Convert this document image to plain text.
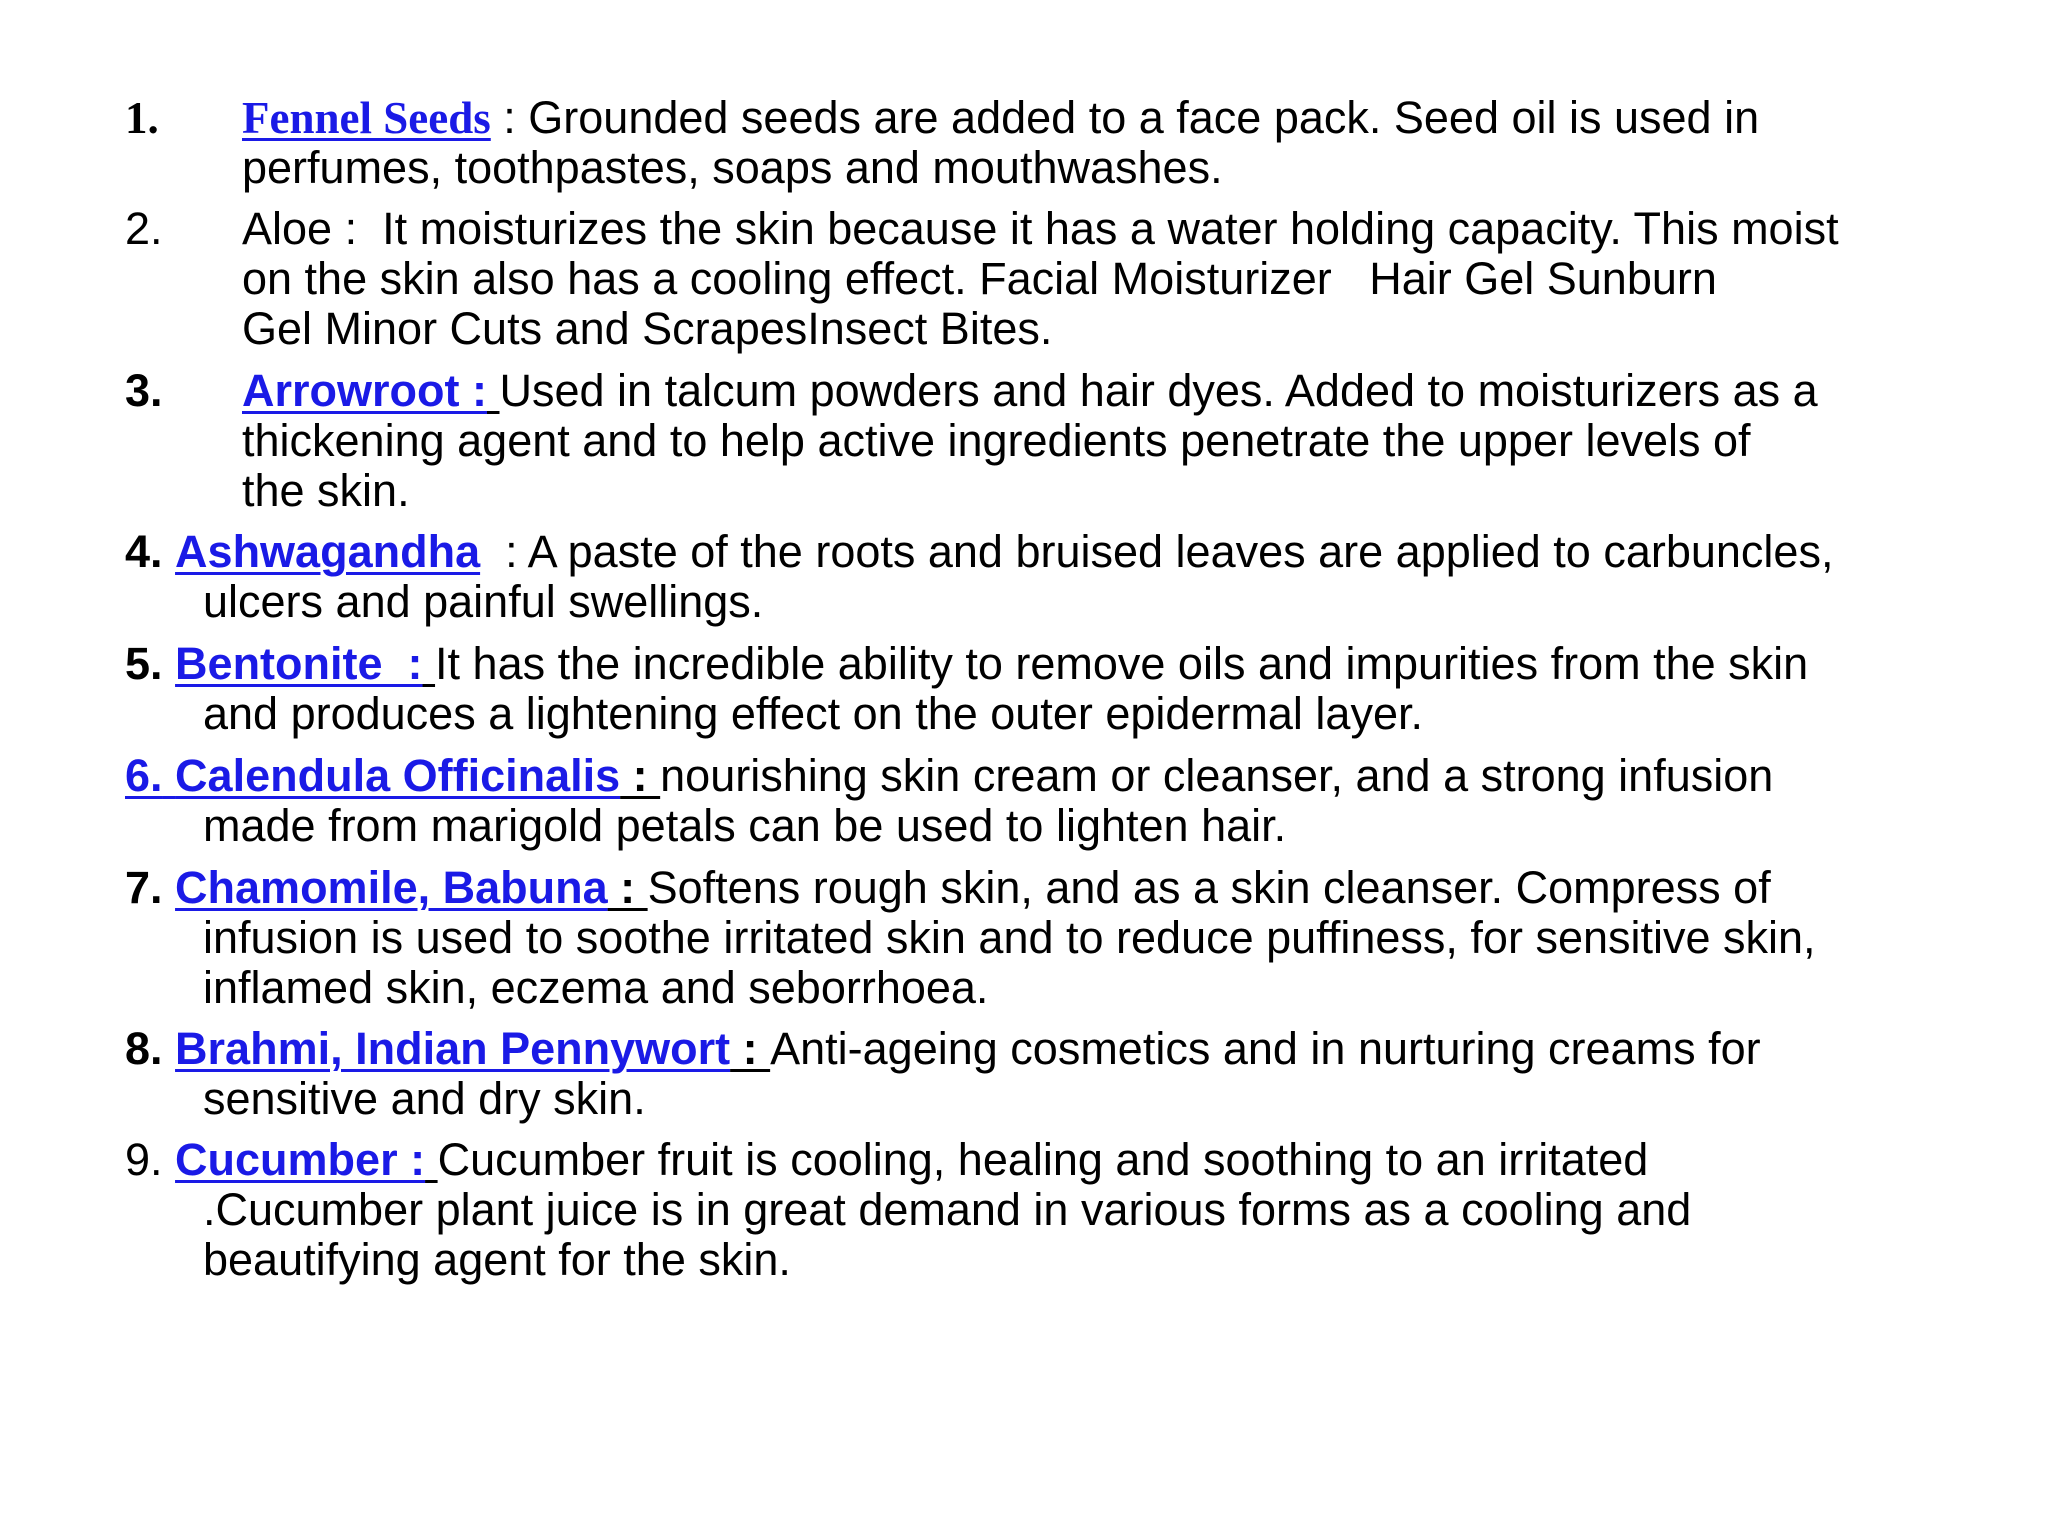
1. Fennel Seeds : Grounded seeds are added to a face pack. Seed oil is used in
perfumes, toothpastes, soaps and mouthwashes.
2. Aloe :  It moisturizes the skin because it has a water holding capacity. This moist
on the skin also has a cooling effect. Facial Moisturizer   Hair Gel Sunburn
Gel Minor Cuts and ScrapesInsect Bites.
3. Arrowroot : Used in talcum powders and hair dyes. Added to moisturizers as a
thickening agent and to help active ingredients penetrate the upper levels of
the skin.
4. Ashwagandha  : A paste of the roots and bruised leaves are applied to carbuncles,
ulcers and painful swellings.
5. Bentonite  : It has the incredible ability to remove oils and impurities from the skin
and produces a lightening effect on the outer epidermal layer.
6. Calendula Officinalis : nourishing skin cream or cleanser, and a strong infusion
made from marigold petals can be used to lighten hair.
7. Chamomile, Babuna : Softens rough skin, and as a skin cleanser. Compress of
infusion is used to soothe irritated skin and to reduce puffiness, for sensitive skin,
inflamed skin, eczema and seborrhoea.
8. Brahmi, Indian Pennywort : Anti-ageing cosmetics and in nurturing creams for
sensitive and dry skin.
9. Cucumber : Cucumber fruit is cooling, healing and soothing to an irritated
.Cucumber plant juice is in great demand in various forms as a cooling and
beautifying agent for the skin.
